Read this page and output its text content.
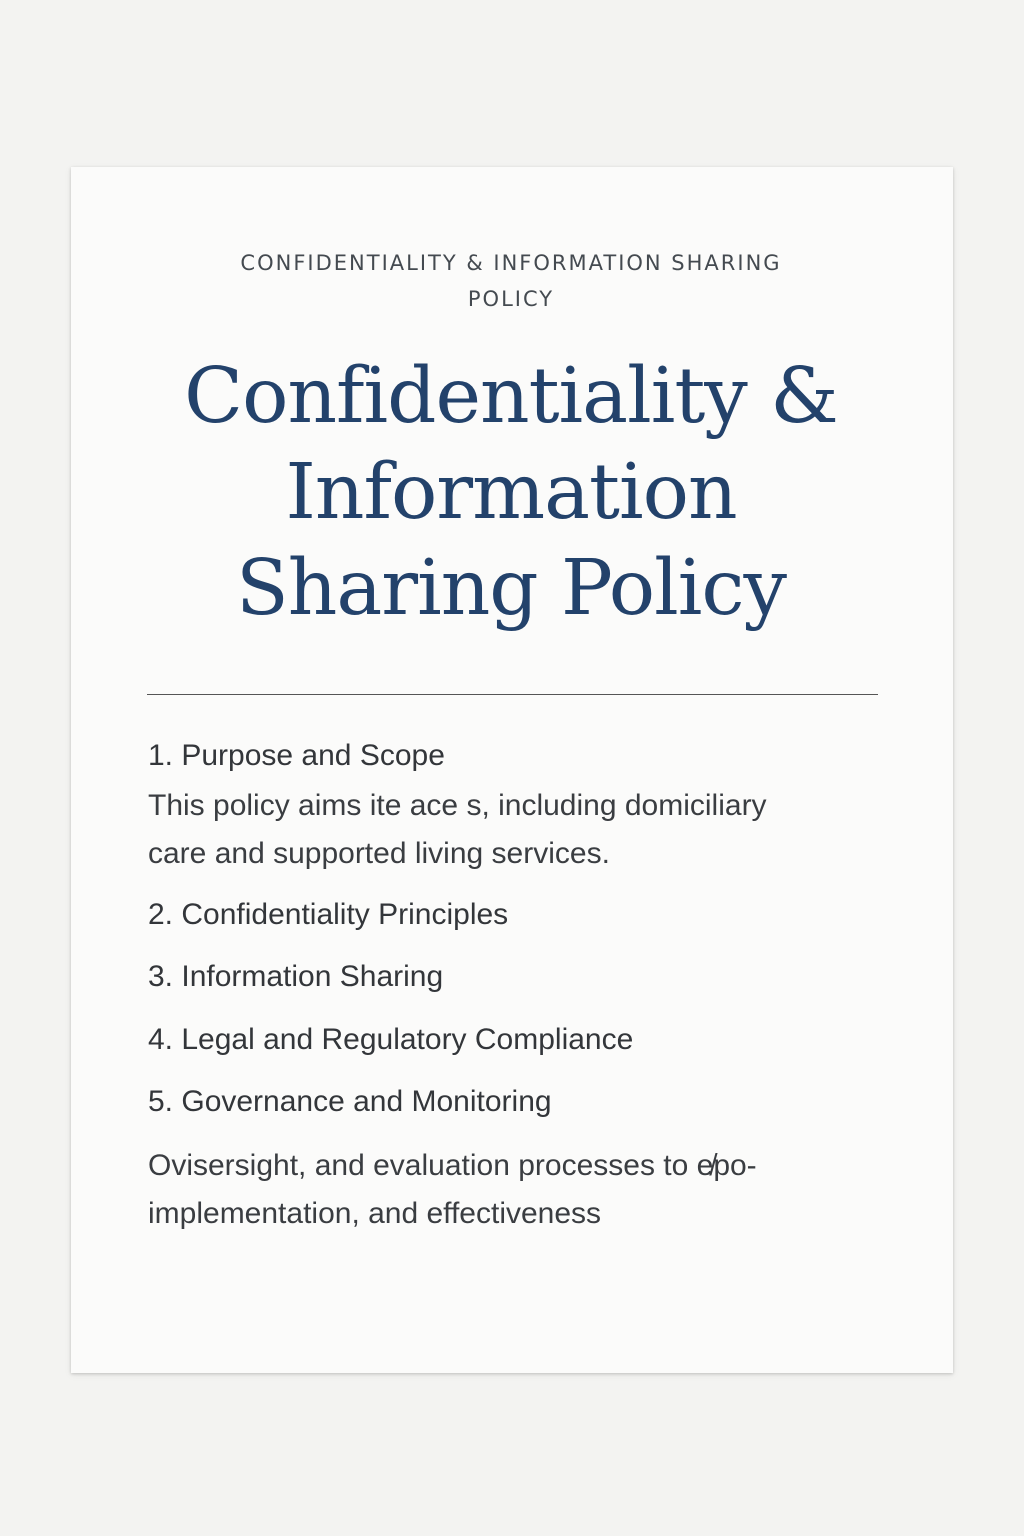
CONFIDENTIALITY & INFORMATION SHARING
POLICY
Confidentiality &
Information
Sharing Policy
1. Purpose and Scope
This policy aims ite ace s, including domiciliary
care and supported living services.
2. Confidentiality Principles
3. Information Sharing
4. Legal and Regulatory Compliance
5. Governance and Monitoring
Ovisersight, and evaluation processes to e̸po-
implementation, and effectiveness
